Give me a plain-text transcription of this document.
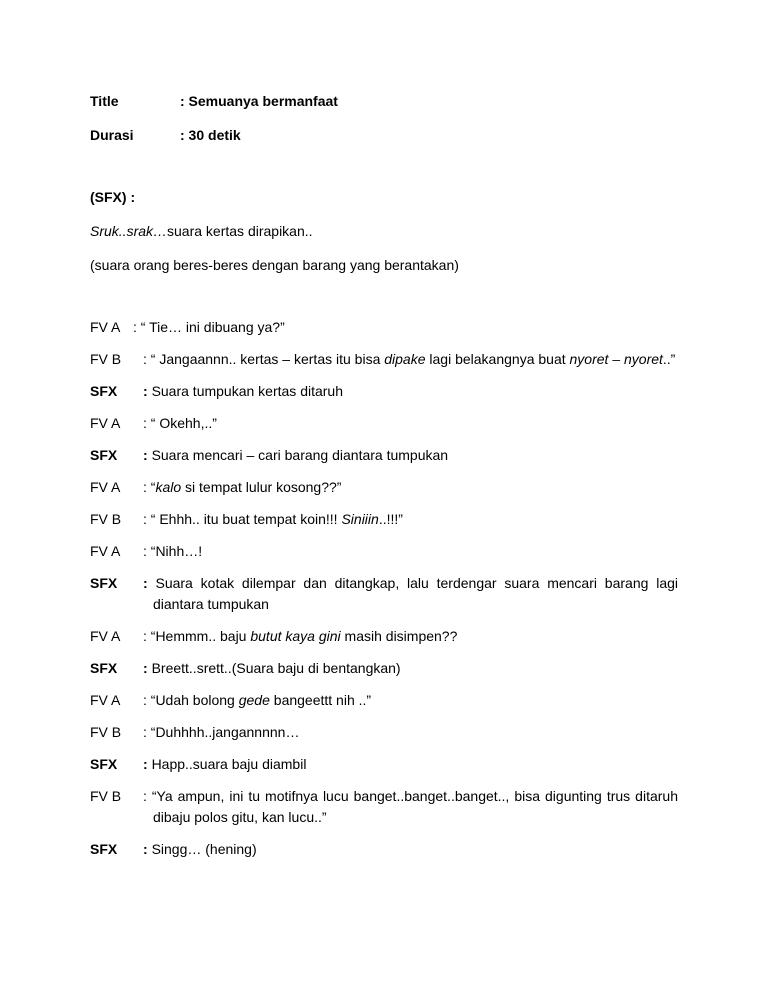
Title	: Semuanya bermanfaat
Durasi	: 30 detik
(SFX) :
Sruk..srak…suara kertas dirapikan..
(suara orang beres-beres dengan barang yang berantakan)
FV A : “ Tie… ini dibuang ya?”
FV B	: “ Jangaannn.. kertas – kertas itu bisa dipake lagi belakangnya buat nyoret – nyoret..”
SFX	: Suara tumpukan kertas ditaruh
FV A	: “ Okehh,..”
SFX	: Suara mencari – cari barang diantara tumpukan
FV A	: “kalo si tempat lulur kosong??”
FV B	: “ Ehhh.. itu buat tempat koin!!! Siniiin..!!!”
FV A	: “Nihh…!
SFX	: Suara kotak dilempar dan ditangkap, lalu terdengar suara mencari barang lagi diantara tumpukan
FV A	: “Hemmm.. baju butut kaya gini masih disimpen??
SFX	: Breett..srett..(Suara baju di bentangkan)
FV A	: “Udah bolong gede bangeettt nih ..”
FV B	: “Duhhhh..jangannnnn…
SFX	: Happ..suara baju diambil
FV B	: “Ya ampun, ini tu motifnya lucu banget..banget..banget.., bisa digunting trus ditaruh dibaju polos gitu, kan lucu..”
SFX	: Singg… (hening)
